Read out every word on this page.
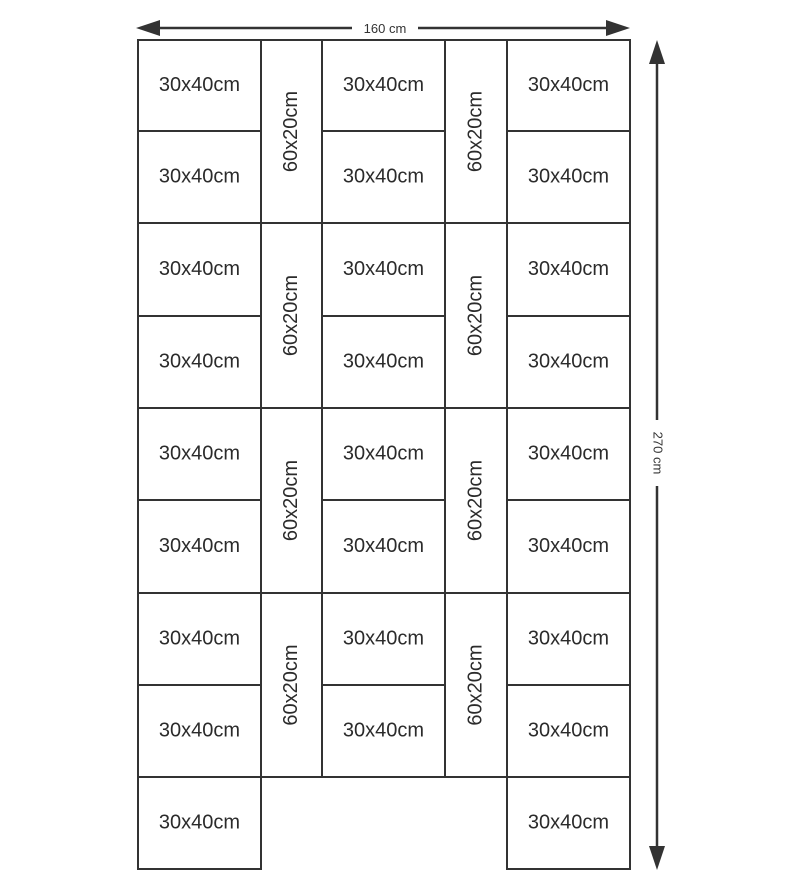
160 cm
270 cm
30x40cm
30x40cm
30x40cm
30x40cm
30x40cm
30x40cm
30x40cm
30x40cm
30x40cm
60x20cm
60x20cm
60x20cm
60x20cm
30x40cm
30x40cm
30x40cm
30x40cm
30x40cm
30x40cm
30x40cm
30x40cm
60x20cm
60x20cm
60x20cm
60x20cm
30x40cm
30x40cm
30x40cm
30x40cm
30x40cm
30x40cm
30x40cm
30x40cm
30x40cm
